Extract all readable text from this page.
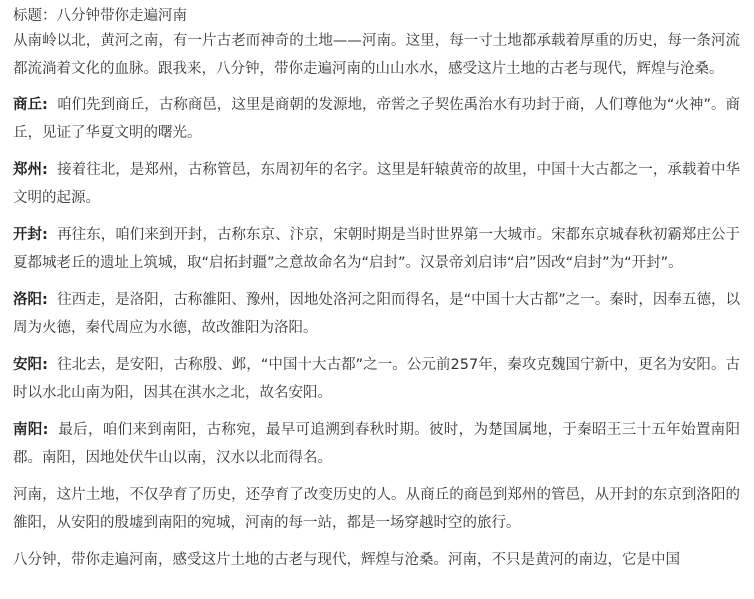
标题：八分钟带你走遍河南

从南岭以北，黄河之南，有一片古老而神奇的土地——河南。这里，每一寸土地都承载着厚重的历史，每一条河流都流淌着文化的血脉。跟我来，八分钟，带你走遍河南的山山水水，感受这片土地的古老与现代，辉煌与沧桑。

商丘: 咱们先到商丘，古称商邑，这里是商朝的发源地，帝喾之子契佐禹治水有功封于商，人们尊他为“火神”。商丘，见证了华夏文明的曙光。

郑州: 接着往北，是郑州，古称管邑，东周初年的名字。这里是轩辕黄帝的故里，中国十大古都之一，承载着中华文明的起源。

开封: 再往东，咱们来到开封，古称东京、汴京，宋朝时期是当时世界第一大城市。宋都东京城春秋初霸郑庄公于夏都城老丘的遗址上筑城，取“启拓封疆”之意故命名为“启封”。汉景帝刘启讳“启”因改“启封”为“开封”。

洛阳: 往西走，是洛阳，古称雒阳、豫州，因地处洛河之阳而得名，是“中国十大古都”之一。秦时，因奉五德，以周为火德，秦代周应为水德，故改雒阳为洛阳。

安阳: 往北去，是安阳，古称殷、邺，“中国十大古都”之一。公元前257年，秦攻克魏国宁新中，更名为安阳。古时以水北山南为阳，因其在淇水之北，故名安阳。

南阳: 最后，咱们来到南阳，古称宛，最早可追溯到春秋时期。彼时，为楚国属地，于秦昭王三十五年始置南阳郡。南阳，因地处伏牛山以南，汉水以北而得名。

河南，这片土地，不仅孕育了历史，还孕育了改变历史的人。从商丘的商邑到郑州的管邑，从开封的东京到洛阳的雒阳，从安阳的殷墟到南阳的宛城，河南的每一站，都是一场穿越时空的旅行。

八分钟，带你走遍河南，感受这片土地的古老与现代，辉煌与沧桑。河南，不只是黄河的南边，它是中国
